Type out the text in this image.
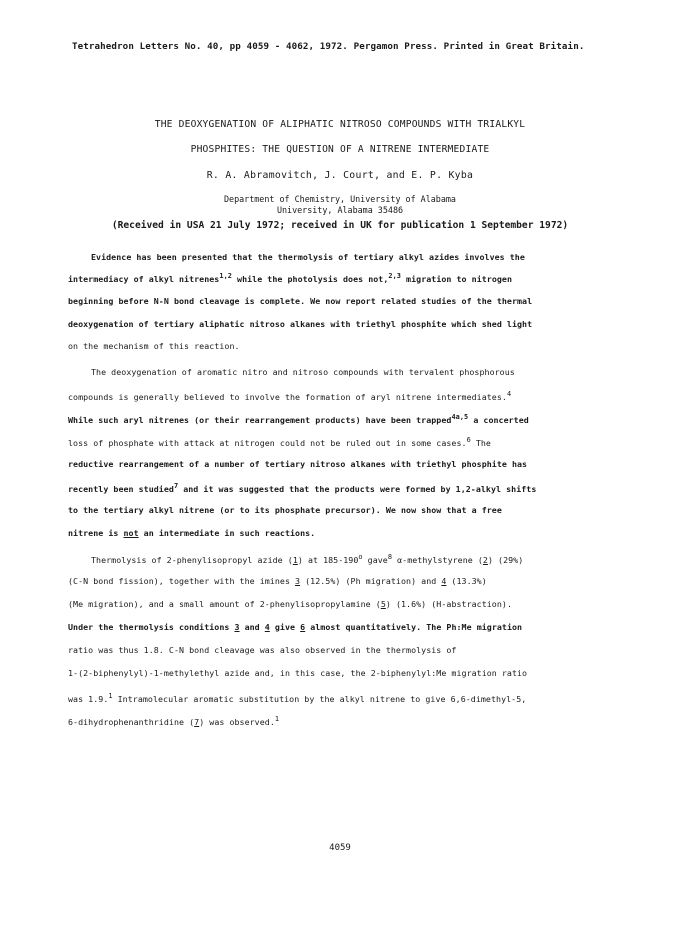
Tetrahedron Letters No. 40, pp 4059 - 4062, 1972. Pergamon Press. Printed in Great Britain.
THE DEOXYGENATION OF ALIPHATIC NITROSO COMPOUNDS WITH TRIALKYL
PHOSPHITES: THE QUESTION OF A NITRENE INTERMEDIATE
R. A. Abramovitch, J. Court, and E. P. Kyba
Department of Chemistry, University of Alabama
University, Alabama 35486
(Received in USA 21 July 1972; received in UK for publication 1 September 1972)
Evidence has been presented that the thermolysis of tertiary alkyl azides involves the
intermediacy of alkyl nitrenes$^{1,2}$ while the photolysis does not,$^{2,3}$ migration to nitrogen
beginning before N-N bond cleavage is complete. We now report related studies of the thermal
deoxygenation of tertiary aliphatic nitroso alkanes with triethyl phosphite which shed light
on the mechanism of this reaction.
The deoxygenation of aromatic nitro and nitroso compounds with tervalent phosphorous
compounds is generally believed to involve the formation of aryl nitrene intermediates.$^4$
While such aryl nitrenes (or their rearrangement products) have been trapped$^{4a,5}$ a concerted
loss of phosphate with attack at nitrogen could not be ruled out in some cases.$^6$ The
reductive rearrangement of a number of tertiary nitroso alkanes with triethyl phosphite has
recently been studied$^7$ and it was suggested that the products were formed by 1,2-alkyl shifts
to the tertiary alkyl nitrene (or to its phosphate precursor). We now show that a free
nitrene is not an intermediate in such reactions.
Thermolysis of 2-phenylisopropyl azide (1) at 185-190$^o$ gave$^8$ α-methylstyrene (2) (29%)
(C-N bond fission), together with the imines 3 (12.5%) (Ph migration) and 4 (13.3%)
(Me migration), and a small amount of 2-phenylisopropylamine (5) (1.6%) (H-abstraction).
Under the thermolysis conditions 3 and 4 give 6 almost quantitatively. The Ph:Me migration
ratio was thus 1.8. C-N bond cleavage was also observed in the thermolysis of
1-(2-biphenylyl)-1-methylethyl azide and, in this case, the 2-biphenylyl:Me migration ratio
was 1.9.$^1$ Intramolecular aromatic substitution by the alkyl nitrene to give 6,6-dimethyl-5,
6-dihydrophenanthridine (7) was observed.$^1$
4059
